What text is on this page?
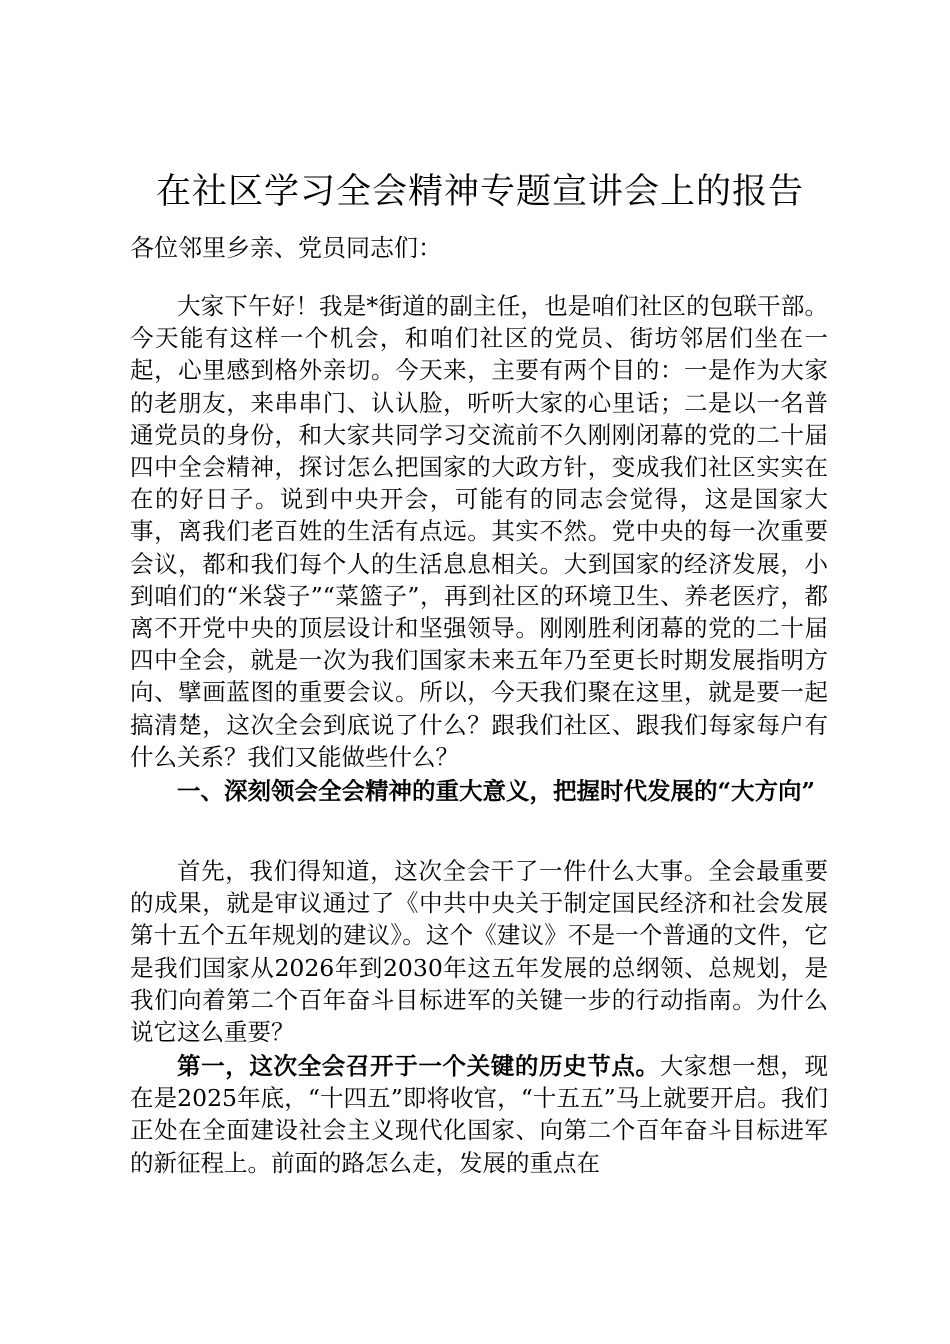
在社区学习全会精神专题宣讲会上的报告
各位邻里乡亲、党员同志们：

大家下午好！我是*街道的副主任，也是咱们社区的包联干部。今天能有这样一个机会，和咱们社区的党员、街坊邻居们坐在一起，心里感到格外亲切。今天来，主要有两个目的：一是作为大家的老朋友，来串串门、认认脸，听听大家的心里话；二是以一名普通党员的身份，和大家共同学习交流前不久刚刚闭幕的党的二十届四中全会精神，探讨怎么把国家的大政方针，变成我们社区实实在在的好日子。说到中央开会，可能有的同志会觉得，这是国家大事，离我们老百姓的生活有点远。其实不然。党中央的每一次重要会议，都和我们每个人的生活息息相关。大到国家的经济发展，小到咱们的“米袋子”“菜篮子”，再到社区的环境卫生、养老医疗，都离不开党中央的顶层设计和坚强领导。刚刚胜利闭幕的党的二十届四中全会，就是一次为我们国家未来五年乃至更长时期发展指明方向、擘画蓝图的重要会议。所以，今天我们聚在这里，就是要一起搞清楚，这次全会到底说了什么？跟我们社区、跟我们每家每户有什么关系？我们又能做些什么？

一、深刻领会全会精神的重大意义，把握时代发展的“大方向”

首先，我们得知道，这次全会干了一件什么大事。全会最重要的成果，就是审议通过了《中共中央关于制定国民经济和社会发展第十五个五年规划的建议》。这个《建议》不是一个普通的文件，它是我们国家从2026年到2030年这五年发展的总纲领、总规划，是我们向着第二个百年奋斗目标进军的关键一步的行动指南。为什么说它这么重要？

第一，这次全会召开于一个关键的历史节点。大家想一想，现在是2025年底，“十四五”即将收官，“十五五”马上就要开启。我们正处在全面建设社会主义现代化国家、向第二个百年奋斗目标进军的新征程上。前面的路怎么走，发展的重点在
